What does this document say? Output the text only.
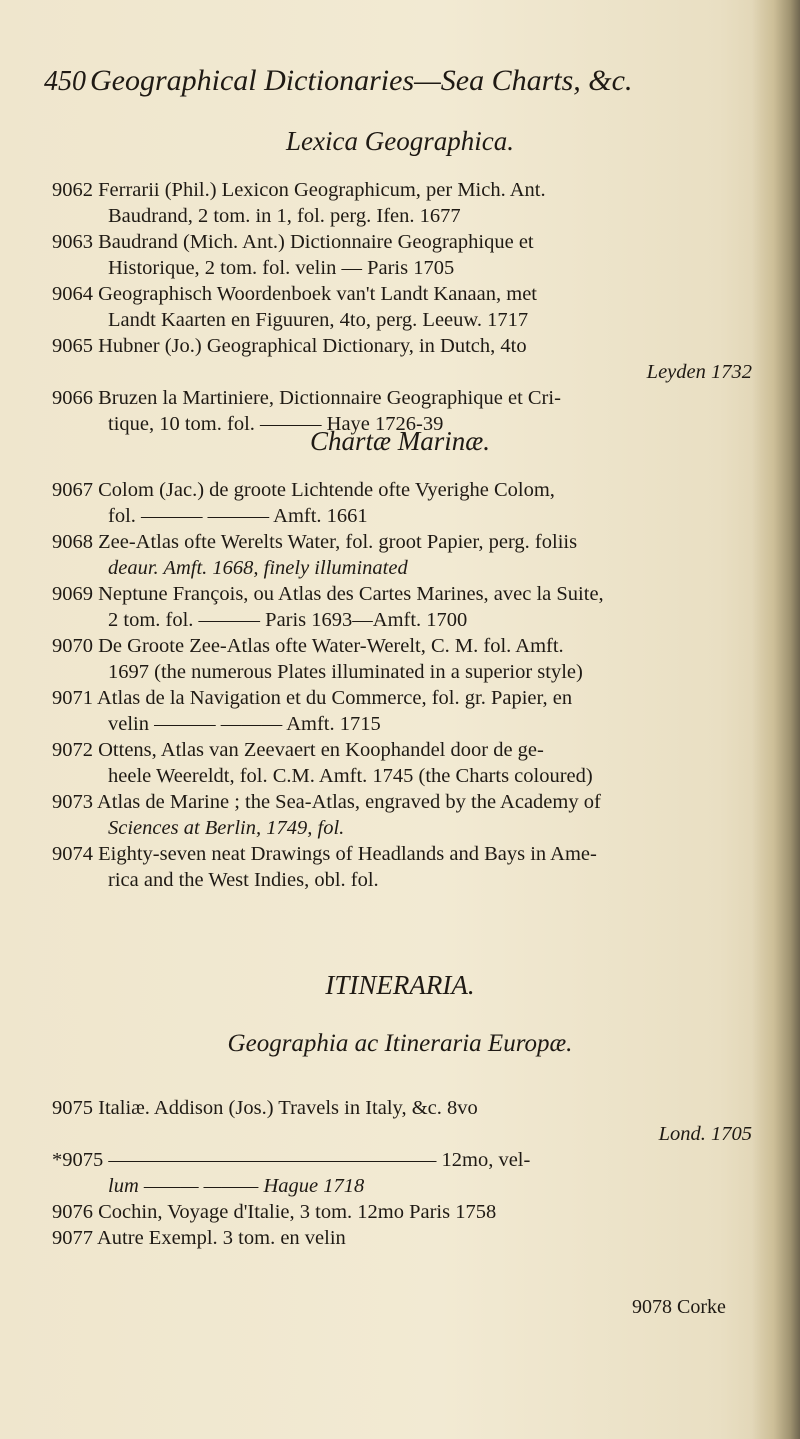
450 Geographical Dictionaries—Sea Charts, &c.
Lexica Geographica.
9062 Ferrarii (Phil.) Lexicon Geographicum, per Mich. Ant.
Baudrand, 2 tom. in 1, fol. perg. Ifen. 1677
9063 Baudrand (Mich. Ant.) Dictionnaire Geographique et
Historique, 2 tom. fol. velin — Paris 1705
9064 Geographisch Woordenboek van't Landt Kanaan, met
Landt Kaarten en Figuuren, 4to, perg. Leeuw. 1717
9065 Hubner (Jo.) Geographical Dictionary, in Dutch, 4to
Leyden 1732
9066 Bruzen la Martiniere, Dictionnaire Geographique et Cri-
tique, 10 tom. fol. ——— Haye 1726-39
Chartæ Marinæ.
9067 Colom (Jac.) de groote Lichtende ofte Vyerighe Colom,
fol. ——— ——— Amft. 1661
9068 Zee-Atlas ofte Werelts Water, fol. groot Papier, perg. foliis
deaur. Amft. 1668, finely illuminated
9069 Neptune François, ou Atlas des Cartes Marines, avec la Suite,
2 tom. fol. ——— Paris 1693—Amft. 1700
9070 De Groote Zee-Atlas ofte Water-Werelt, C. M. fol. Amft.
1697 (the numerous Plates illuminated in a superior style)
9071 Atlas de la Navigation et du Commerce, fol. gr. Papier, en
velin ——— ——— Amft. 1715
9072 Ottens, Atlas van Zeevaert en Koophandel door de ge-
heele Weereldt, fol. C.M. Amft. 1745 (the Charts coloured)
9073 Atlas de Marine ; the Sea-Atlas, engraved by the Academy of
Sciences at Berlin, 1749, fol.
9074 Eighty-seven neat Drawings of Headlands and Bays in Ame-
rica and the West Indies, obl. fol.
ITINERARIA.
Geographia ac Itineraria Europæ.
9075 Italiæ. Addison (Jos.) Travels in Italy, &c. 8vo
Lond. 1705
*9075 ———————————————— 12mo, vel-
lum ——— ——— Hague 1718
9076 Cochin, Voyage d'Italie, 3 tom. 12mo Paris 1758
9077 Autre Exempl. 3 tom. en velin
9078 Corke
